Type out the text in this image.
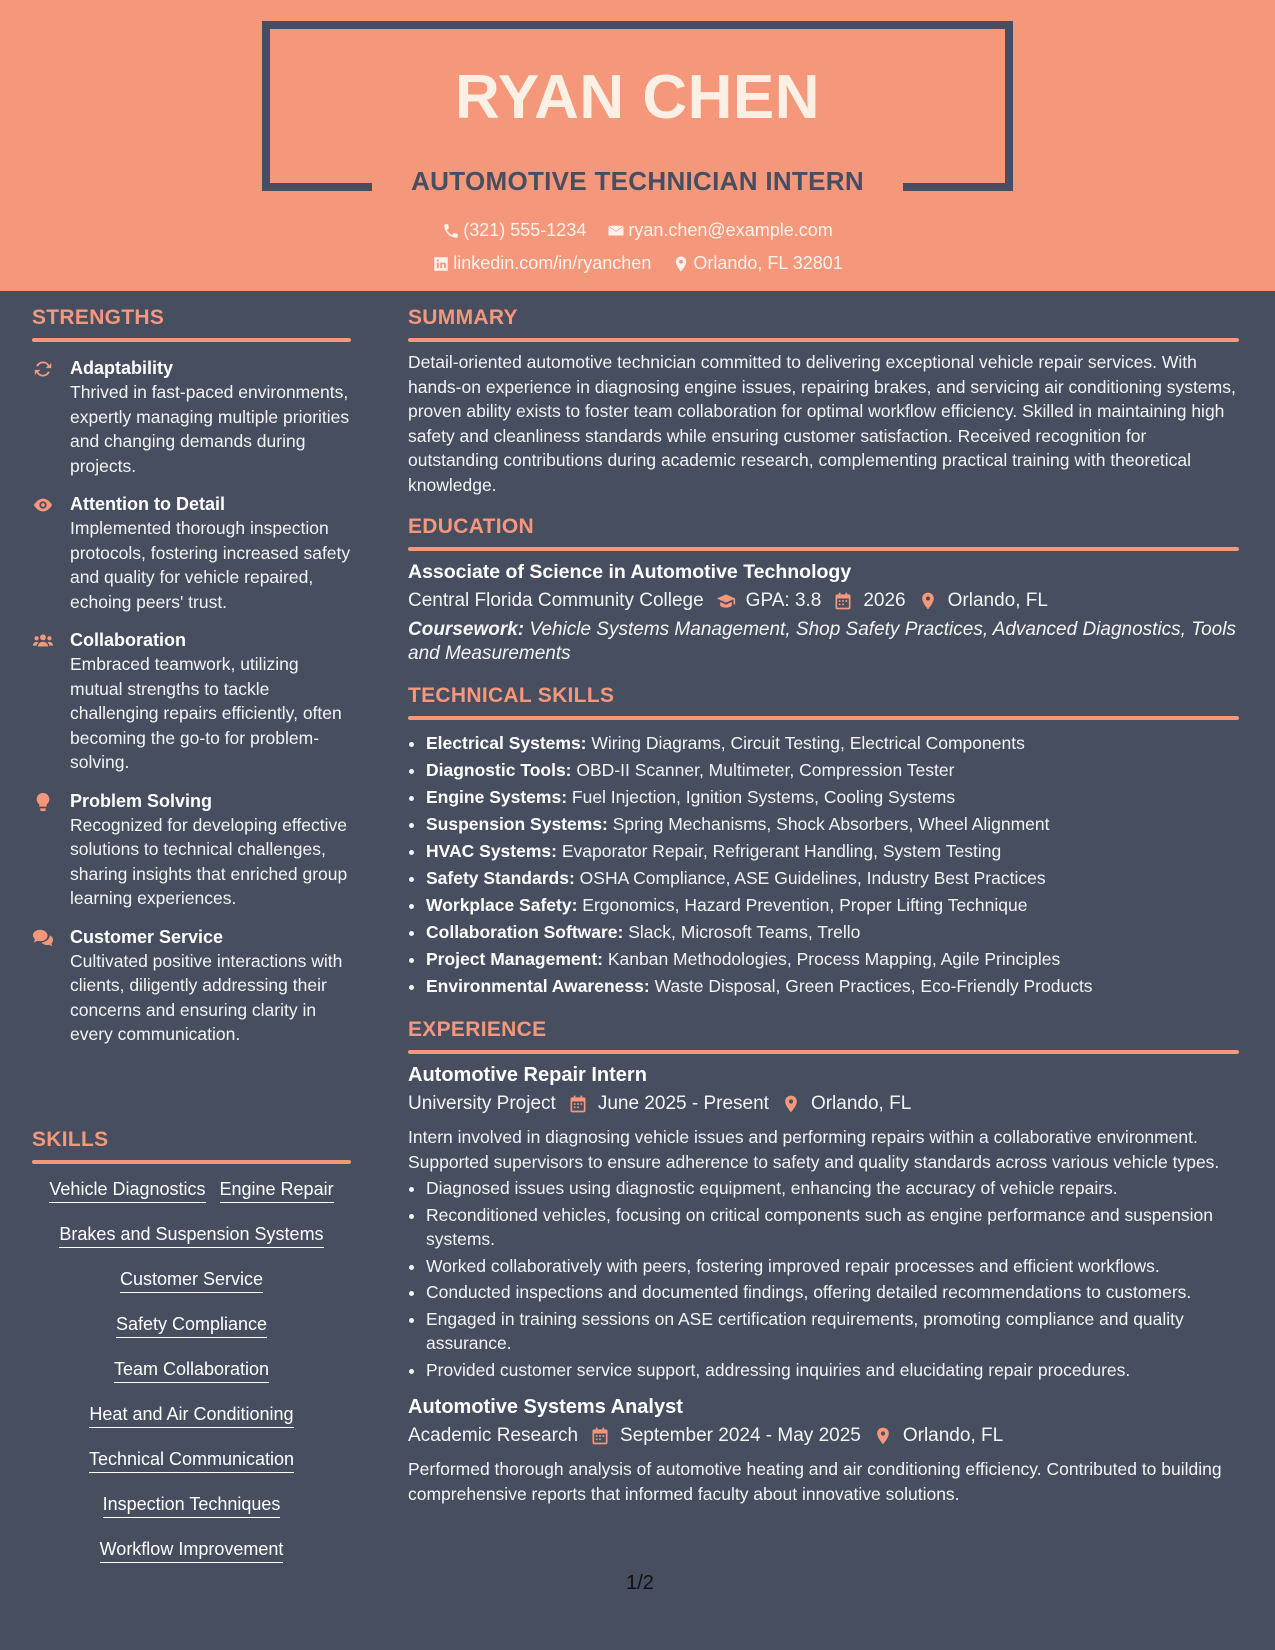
RYAN CHEN
AUTOMOTIVE TECHNICIAN INTERN
(321) 555-1234
ryan.chen@example.com
linkedin.com/in/ryanchen
Orlando, FL 32801
STRENGTHS
Adaptability
Thrived in fast-paced environments, expertly managing multiple priorities and changing demands during projects.
Attention to Detail
Implemented thorough inspection protocols, fostering increased safety and quality for vehicle repaired, echoing peers' trust.
Collaboration
Embraced teamwork, utilizing mutual strengths to tackle challenging repairs efficiently, often becoming the go-to for problem-solving.
Problem Solving
Recognized for developing effective solutions to technical challenges, sharing insights that enriched group learning experiences.
Customer Service
Cultivated positive interactions with clients, diligently addressing their concerns and ensuring clarity in every communication.
SKILLS
Vehicle Diagnostics Engine Repair
Brakes and Suspension Systems
Customer Service
Safety Compliance
Team Collaboration
Heat and Air Conditioning
Technical Communication
Inspection Techniques
Workflow Improvement
SUMMARY
Detail-oriented automotive technician committed to delivering exceptional vehicle repair services. With hands-on experience in diagnosing engine issues, repairing brakes, and servicing air conditioning systems, proven ability exists to foster team collaboration for optimal workflow efficiency. Skilled in maintaining high safety and cleanliness standards while ensuring customer satisfaction. Received recognition for outstanding contributions during academic research, complementing practical training with theoretical knowledge.
EDUCATION
Associate of Science in Automotive Technology
Central Florida Community College GPA: 3.8 2026 Orlando, FL
Coursework: Vehicle Systems Management, Shop Safety Practices, Advanced Diagnostics, Tools and Measurements
TECHNICAL SKILLS
• Electrical Systems: Wiring Diagrams, Circuit Testing, Electrical Components
• Diagnostic Tools: OBD-II Scanner, Multimeter, Compression Tester
• Engine Systems: Fuel Injection, Ignition Systems, Cooling Systems
• Suspension Systems: Spring Mechanisms, Shock Absorbers, Wheel Alignment
• HVAC Systems: Evaporator Repair, Refrigerant Handling, System Testing
• Safety Standards: OSHA Compliance, ASE Guidelines, Industry Best Practices
• Workplace Safety: Ergonomics, Hazard Prevention, Proper Lifting Technique
• Collaboration Software: Slack, Microsoft Teams, Trello
• Project Management: Kanban Methodologies, Process Mapping, Agile Principles
• Environmental Awareness: Waste Disposal, Green Practices, Eco-Friendly Products
EXPERIENCE
Automotive Repair Intern
University Project June 2025 - Present Orlando, FL
Intern involved in diagnosing vehicle issues and performing repairs within a collaborative environment. Supported supervisors to ensure adherence to safety and quality standards across various vehicle types.
• Diagnosed issues using diagnostic equipment, enhancing the accuracy of vehicle repairs.
• Reconditioned vehicles, focusing on critical components such as engine performance and suspension systems.
• Worked collaboratively with peers, fostering improved repair processes and efficient workflows.
• Conducted inspections and documented findings, offering detailed recommendations to customers.
• Engaged in training sessions on ASE certification requirements, promoting compliance and quality assurance.
• Provided customer service support, addressing inquiries and elucidating repair procedures.
Automotive Systems Analyst
Academic Research September 2024 - May 2025 Orlando, FL
Performed thorough analysis of automotive heating and air conditioning efficiency. Contributed to building comprehensive reports that informed faculty about innovative solutions.
1/2
